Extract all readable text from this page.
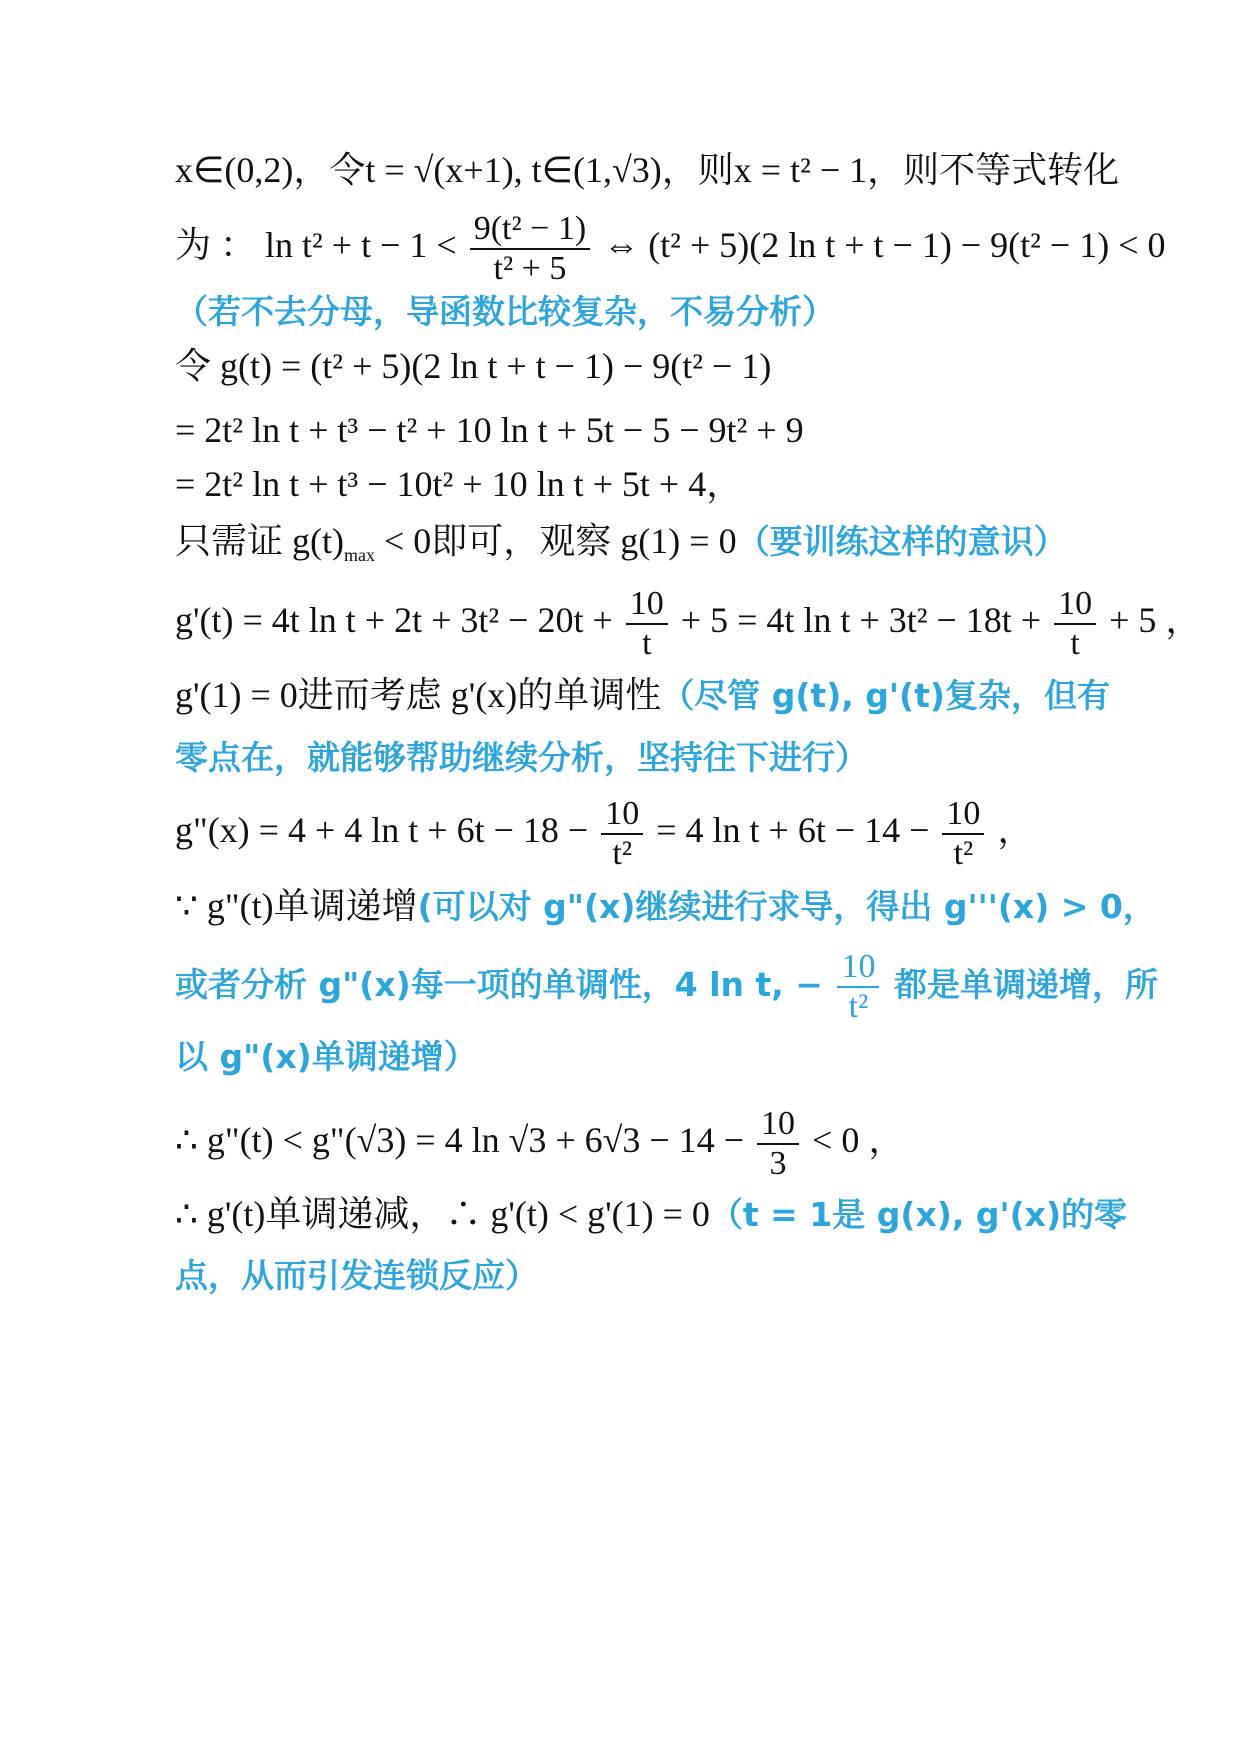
x∈(0,2)，令t = √(x+1), t∈(1,√3)，则x = t² − 1，则不等式转化
为 ： $\ln t^2 + t - 1 < \frac{\text{9(t² − 1)}}{\text{t² + 5}}$ ⇔ (t² + 5)(2 ln t + t − 1) − 9(t² − 1) < 0
（若不去分母，导函数比较复杂，不易分析）
令 g(t) = (t² + 5)(2 ln t + t − 1) − 9(t² − 1)
= 2t² ln t + t³ − t² + 10 ln t + 5t − 5 − 9t² + 9
= 2t² ln t + t³ − 10t² + 10 ln t + 5t + 4，
只需证 $g(t)_{max} < 0$即可，观察 g(1) = 0（要训练这样的意识）
g'(t) = 4t $\ln t + 2t + 3t^2 - 20t + \frac{10}{t} + 5 = 4t$ $\ln t + 3t^2 - 18t + \frac{10}{t} + 5$ ，
g'(1) = 0进而考虑 g'(x)的单调性（尽管 g(t), g'(t)复杂，但有
零点在，就能够帮助继续分析，坚持往下进行）
g"(x) = 4 + 4 $\ln t + 6t - 18 - \frac{10}{\text{t²}} = 4$ $\ln t + 6t - 14 - \frac{10}{\text{t²}}$ ，
∵ g"(t)单调递增(可以对 g"(x)继续进行求导，得出 g'''(x) > 0，
或者分析 g"(x)每一项的单调性，4 ln t, − $\frac{10}{\text{t²}}$ 都是单调递增，所
以 g"(x)单调递增）
∴ g"(t) < g"(√3) = 4 $\ln √3 + 6√3 - 14 - \frac{10}{3} < 0$ ，
∴ g'(t)单调递减，∴ g'(t) < g'(1) = 0（t = 1是 g(x), g'(x)的零
点，从而引发连锁反应）
